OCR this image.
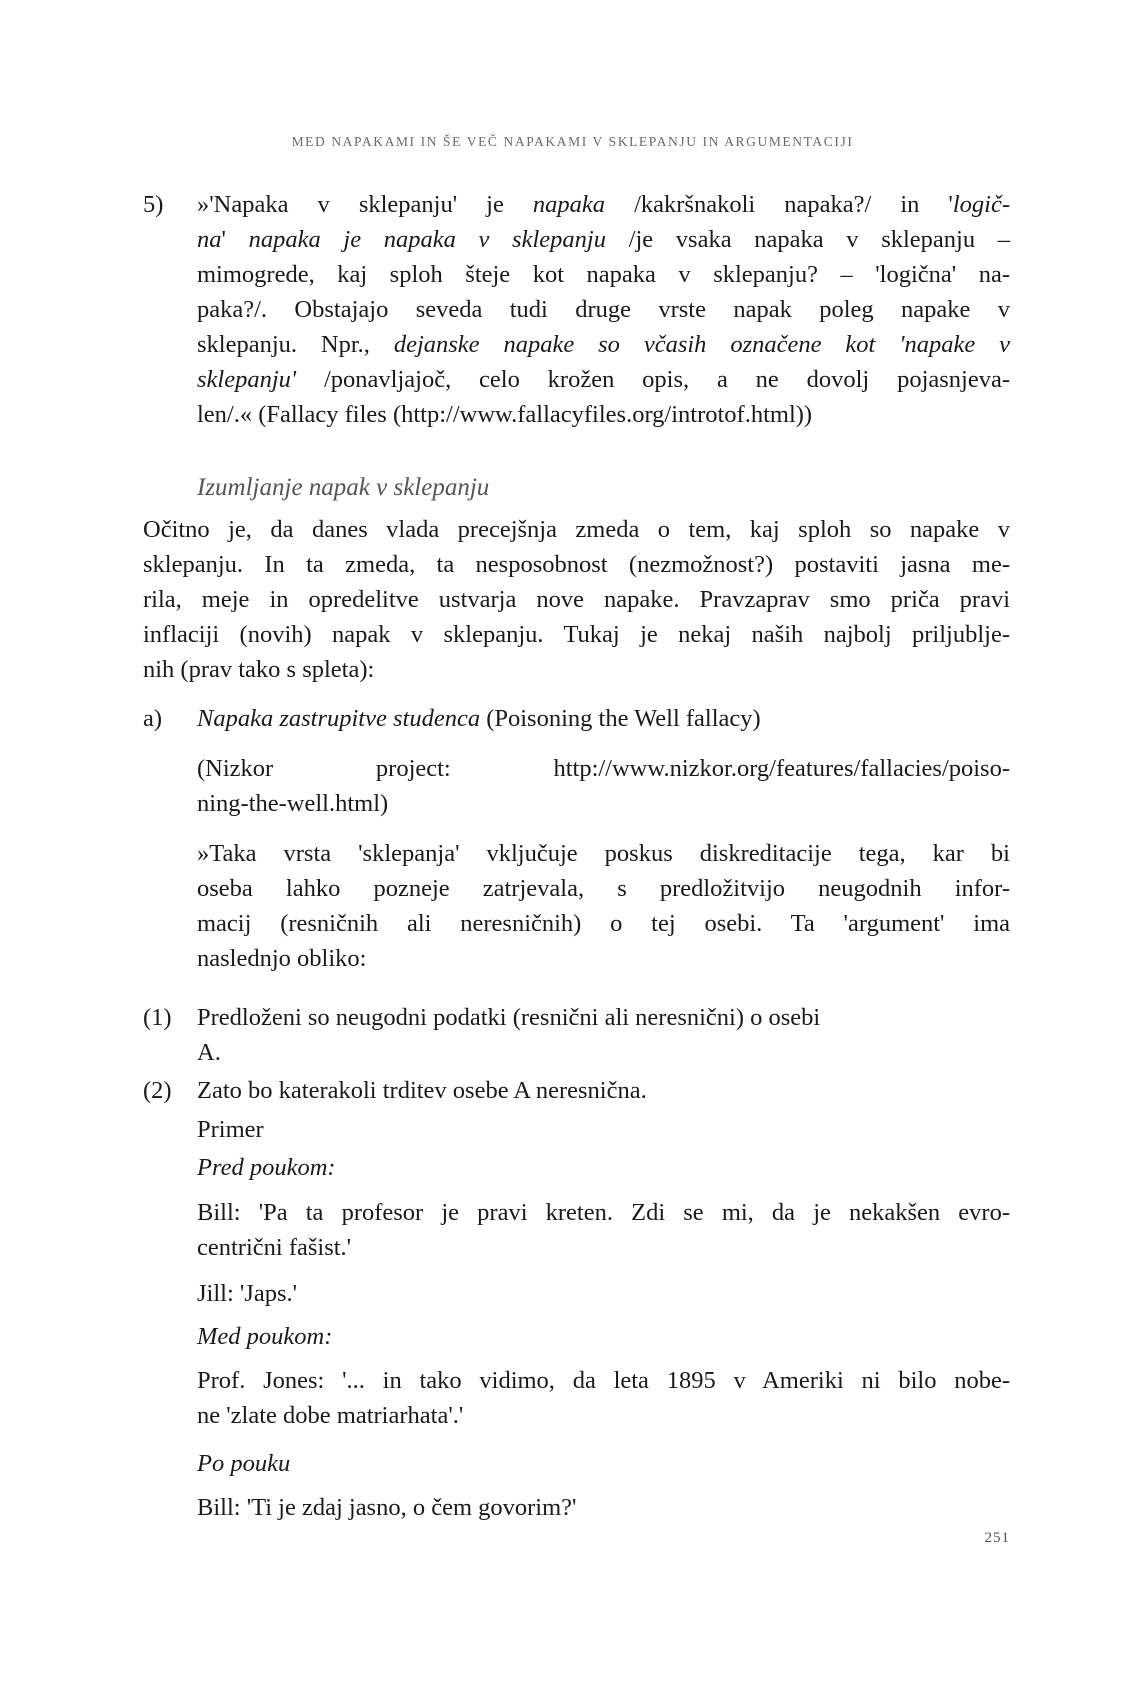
MED NAPAKAMI IN ŠE VEČ NAPAKAMI V SKLEPANJU IN ARGUMENTACIJI
5) »'Napaka v sklepanju' je napaka /kakršnakoli napaka?/ in 'logič-
na' napaka je napaka v sklepanju /je vsaka napaka v sklepanju –
mimogrede, kaj sploh šteje kot napaka v sklepanju? – 'logična' na-
paka?/. Obstajajo seveda tudi druge vrste napak poleg napake v
sklepanju. Npr., dejanske napake so včasih označene kot 'napake v
sklepanju' /ponavljajoč, celo krožen opis, a ne dovolj pojasnjeva-
len/.« (Fallacy files (http://www.fallacyfiles.org/introtof.html))
Izumljanje napak v sklepanju
Očitno je, da danes vlada precejšnja zmeda o tem, kaj sploh so napake v
sklepanju. In ta zmeda, ta nesposobnost (nezmožnost?) postaviti jasna me-
rila, meje in opredelitve ustvarja nove napake. Pravzaprav smo priča pravi
inflaciji (novih) napak v sklepanju. Tukaj je nekaj naših najbolj priljublje-
nih (prav tako s spleta):
a) Napaka zastrupitve studenca (Poisoning the Well fallacy)
(Nizkor project: http://www.nizkor.org/features/fallacies/poiso-
ning-the-well.html)
»Taka vrsta 'sklepanja' vključuje poskus diskreditacije tega, kar bi
oseba lahko pozneje zatrjevala, s predložitvijo neugodnih infor-
macij (resničnih ali neresničnih) o tej osebi. Ta 'argument' ima
naslednjo obliko:
(1) Predloženi so neugodni podatki (resnični ali neresnični) o osebi
A.
(2) Zato bo katerakoli trditev osebe A neresnična.
Primer
Pred poukom:
Bill: 'Pa ta profesor je pravi kreten. Zdi se mi, da je nekakšen evro-
centrični fašist.'
Jill: 'Japs.'
Med poukom:
Prof. Jones: '... in tako vidimo, da leta 1895 v Ameriki ni bilo nobe-
ne 'zlate dobe matriarhata'.'
Po pouku
Bill: 'Ti je zdaj jasno, o čem govorim?'
251
